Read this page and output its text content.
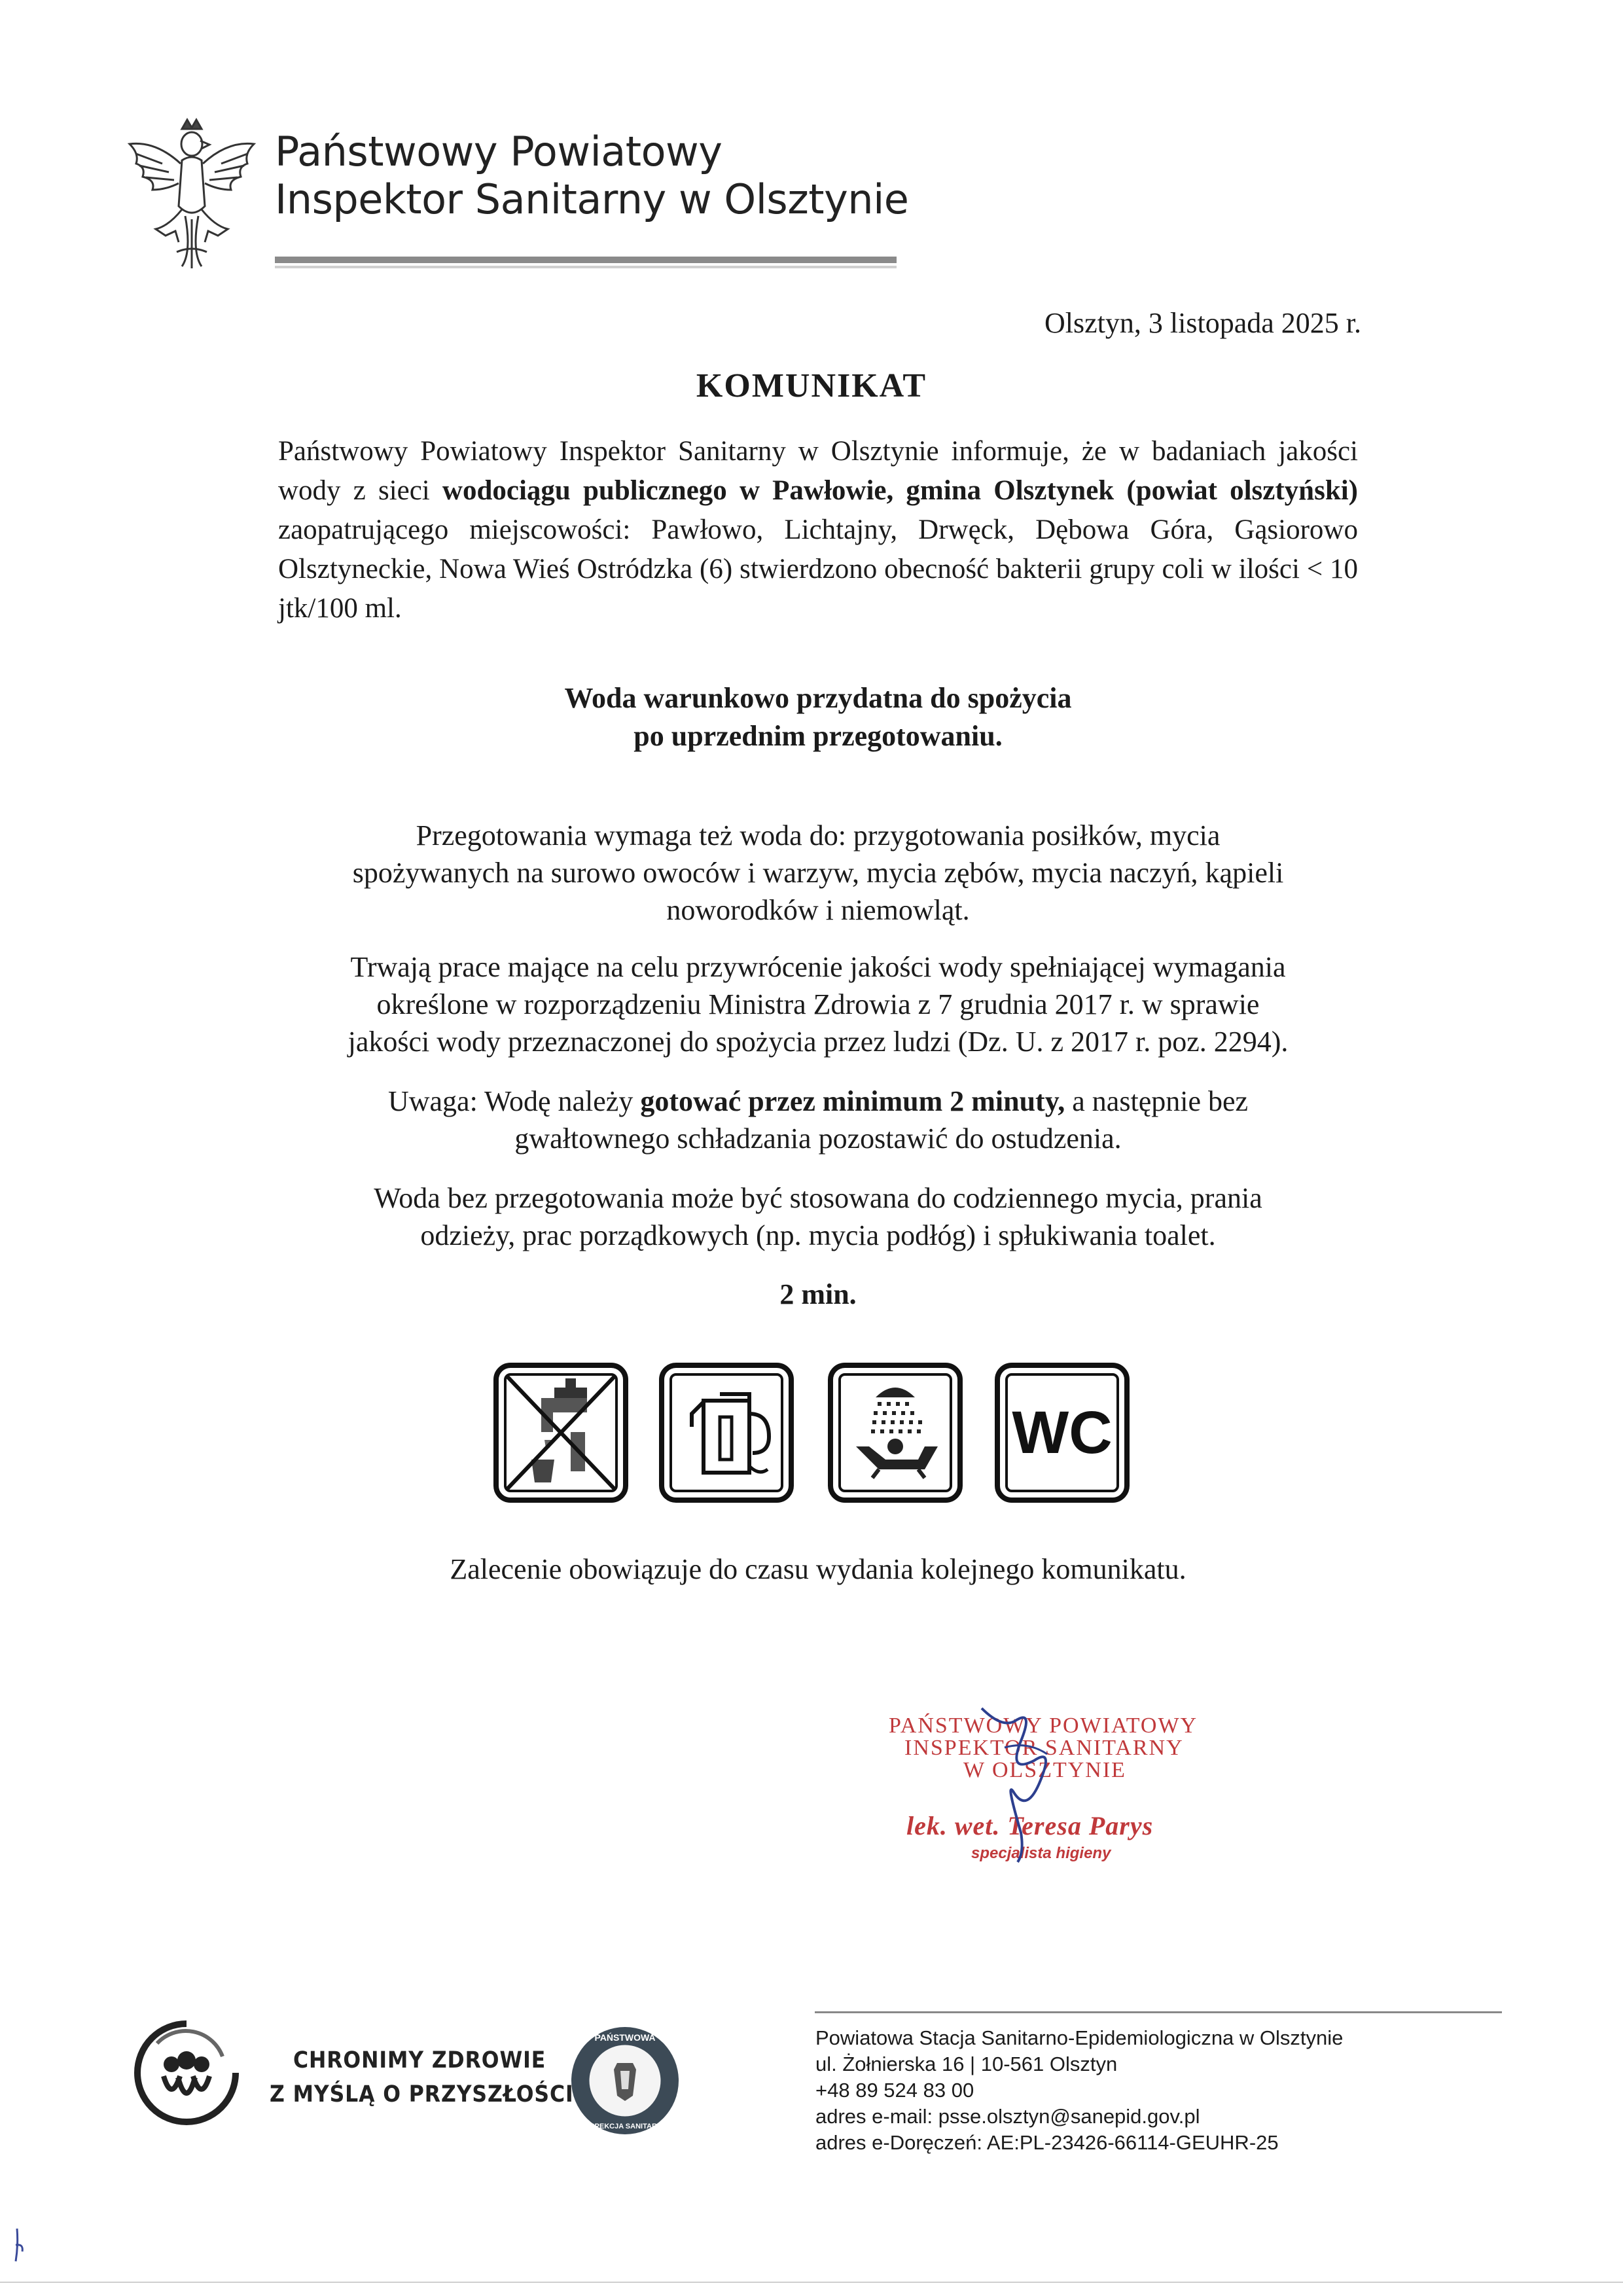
Państwowy Powiatowy
Inspektor Sanitarny w Olsztynie
Olsztyn, 3 listopada 2025 r.
KOMUNIKAT
Państwowy Powiatowy Inspektor Sanitarny w Olsztynie informuje, że w badaniach jakości wody z sieci wodociągu publicznego w Pawłowie, gmina Olsztynek (powiat olsztyński) zaopatrującego miejscowości: Pawłowo, Lichtajny, Drwęck, Dębowa Góra, Gąsiorowo Olsztyneckie, Nowa Wieś Ostródzka (6) stwierdzono obecność bakterii grupy coli w ilości < 10 jtk/100 ml.
Woda warunkowo przydatna do spożycia
po uprzednim przegotowaniu.
Przegotowania wymaga też woda do: przygotowania posiłków, mycia
spożywanych na surowo owoców i warzyw, mycia zębów, mycia naczyń, kąpieli
noworodków i niemowląt.
Trwają prace mające na celu przywrócenie jakości wody spełniającej wymagania
określone w rozporządzeniu Ministra Zdrowia z 7 grudnia 2017 r. w sprawie
jakości wody przeznaczonej do spożycia przez ludzi (Dz. U. z 2017 r. poz. 2294).
Uwaga: Wodę należy gotować przez minimum 2 minuty, a następnie bez
gwałtownego schładzania pozostawić do ostudzenia.
Woda bez przegotowania może być stosowana do codziennego mycia, prania
odzieży, prac porządkowych (np. mycia podłóg) i spłukiwania toalet.
2 min.
WC
Zalecenie obowiązuje do czasu wydania kolejnego komunikatu.
PAŃSTWOWY POWIATOWY
INSPEKTOR SANITARNY
W OLSZTYNIE
lek. wet. Teresa Parys
specjalista higieny
CHRONIMY ZDROWIE
Z MYŚLĄ O PRZYSZŁOŚCI
PAŃSTWOWA
INSPEKCJA SANITARNA
Powiatowa Stacja Sanitarno-Epidemiologiczna w Olsztynie
ul. Żołnierska 16 | 10-561 Olsztyn
+48 89 524 83 00
adres e-mail: psse.olsztyn@sanepid.gov.pl
adres e-Doręczeń: AE:PL-23426-66114-GEUHR-25
